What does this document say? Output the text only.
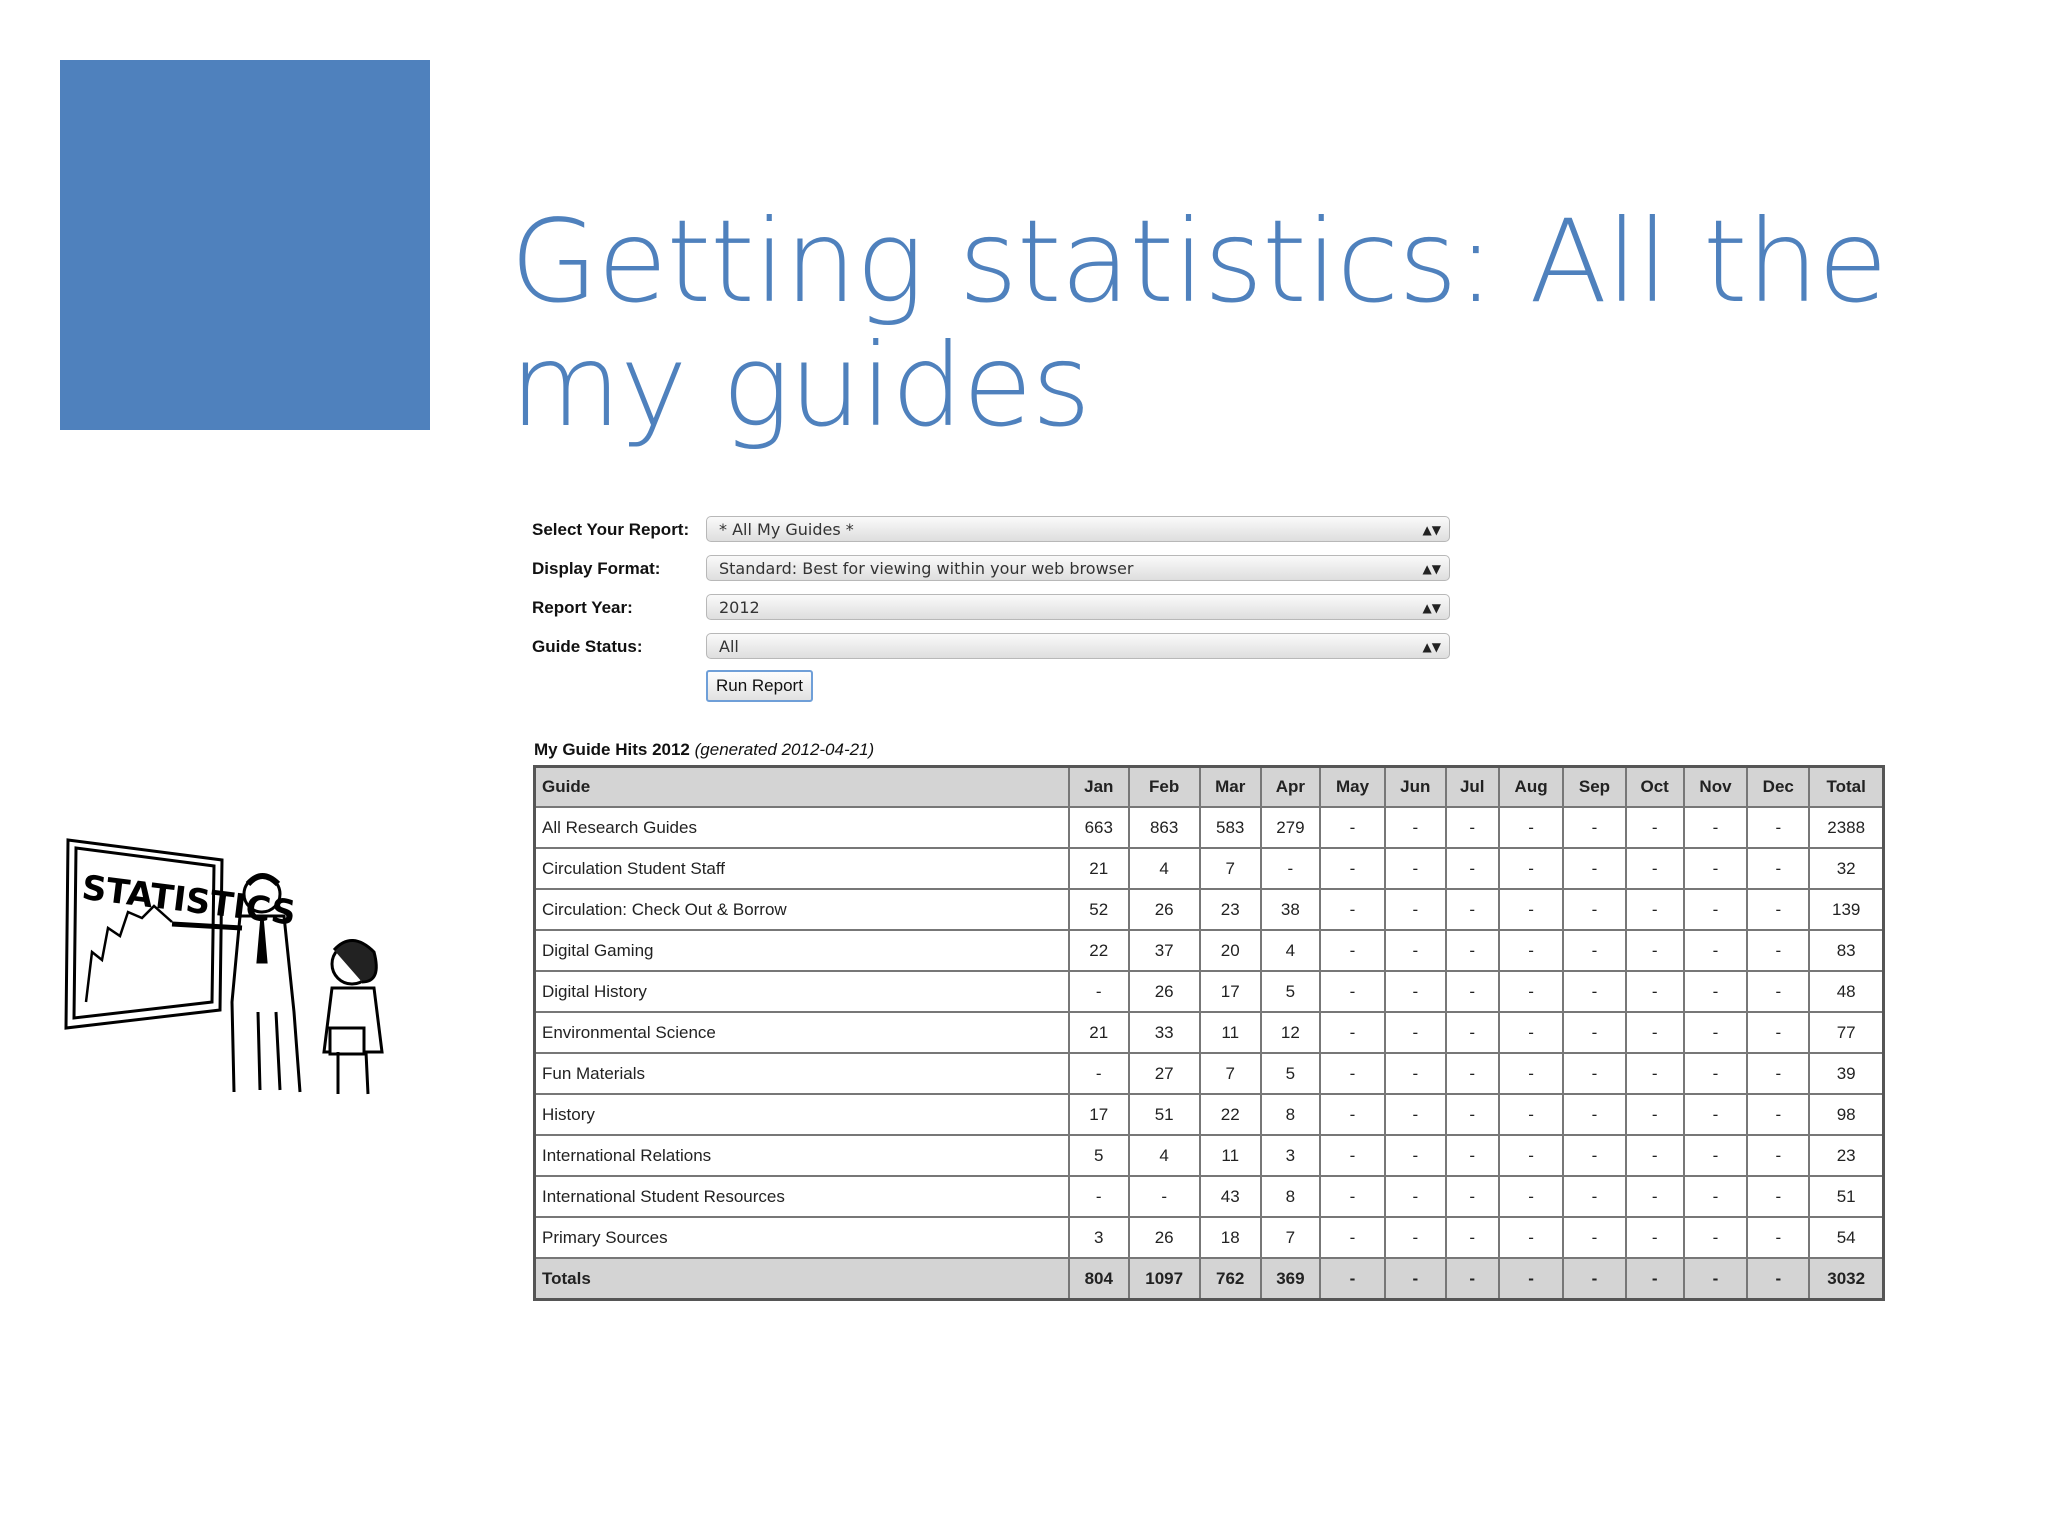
Getting statistics: All the my guides
STATISTICS
Select Your Report:	* All My Guides *	▲▼
Display Format:	Standard: Best for viewing within your web browser	▲▼
Report Year:	2012	▲▼
Guide Status:	All	▲▼
Run Report
My Guide Hits 2012 (generated 2012-04-21)
Guide	Jan	Feb	Mar	Apr	May	Jun	Jul	Aug	Sep	Oct	Nov	Dec	Total
All Research Guides	663	863	583	279	-	-	-	-	-	-	-	-	2388
Circulation Student Staff	21	4	7	-	-	-	-	-	-	-	-	-	32
Circulation: Check Out & Borrow	52	26	23	38	-	-	-	-	-	-	-	-	139
Digital Gaming	22	37	20	4	-	-	-	-	-	-	-	-	83
Digital History	-	26	17	5	-	-	-	-	-	-	-	-	48
Environmental Science	21	33	11	12	-	-	-	-	-	-	-	-	77
Fun Materials	-	27	7	5	-	-	-	-	-	-	-	-	39
History	17	51	22	8	-	-	-	-	-	-	-	-	98
International Relations	5	4	11	3	-	-	-	-	-	-	-	-	23
International Student Resources	-	-	43	8	-	-	-	-	-	-	-	-	51
Primary Sources	3	26	18	7	-	-	-	-	-	-	-	-	54
Totals	804	1097	762	369	-	-	-	-	-	-	-	-	3032
